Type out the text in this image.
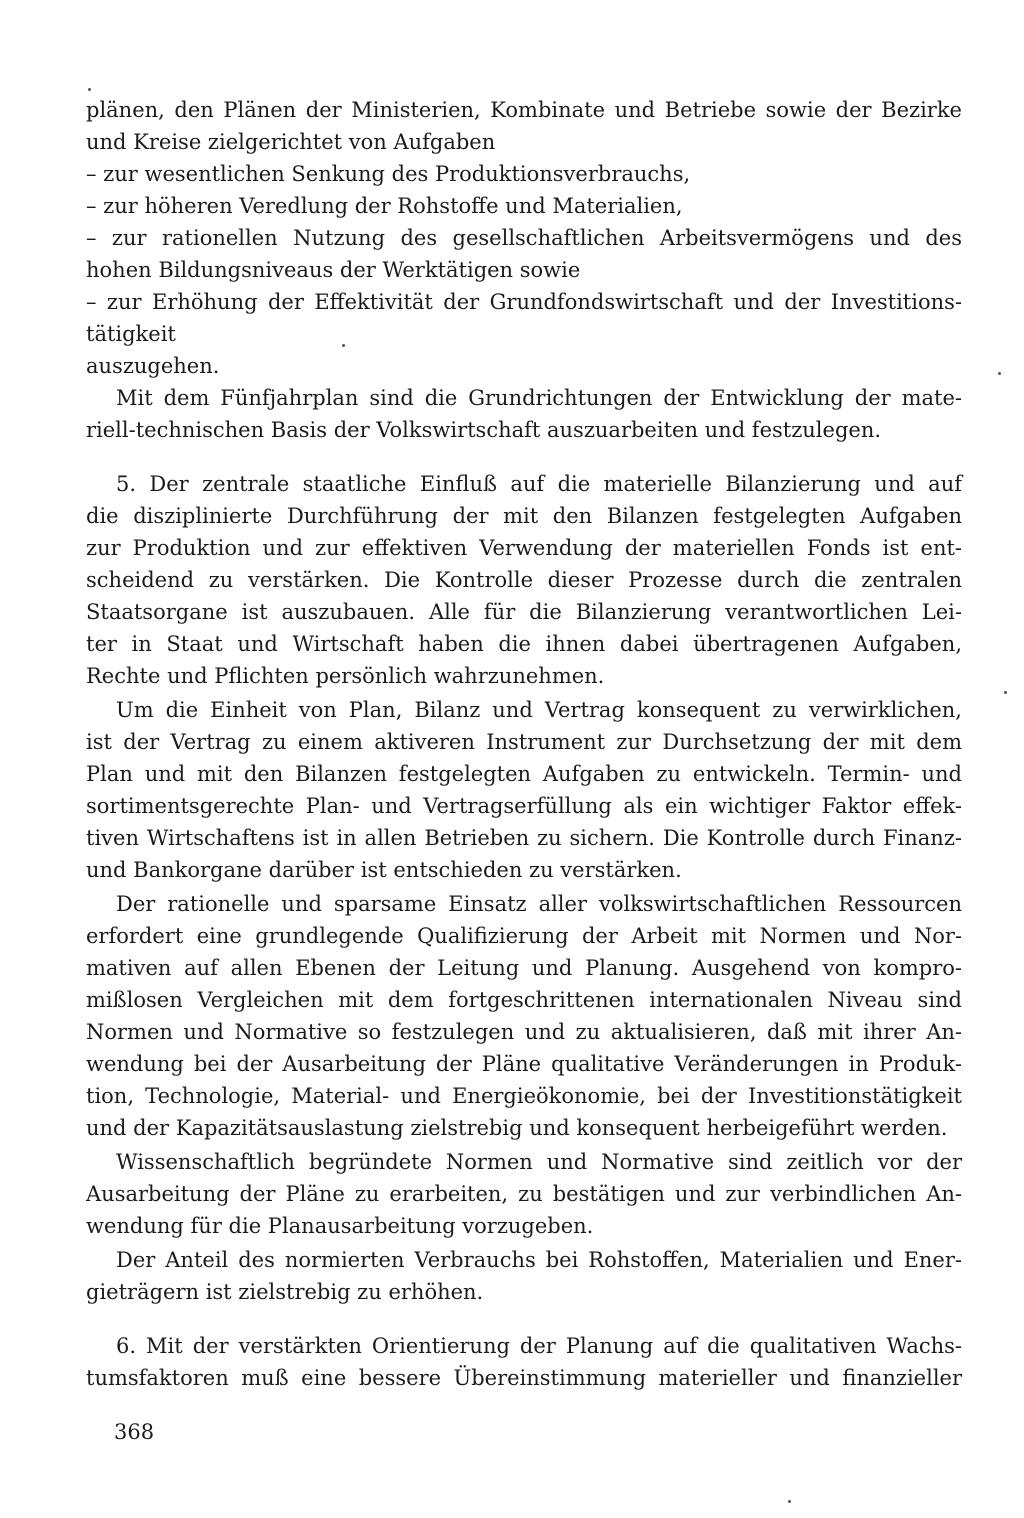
plänen, den Plänen der Ministerien, Kombinate und Betriebe sowie der Bezirke
und Kreise zielgerichtet von Aufgaben
– zur wesentlichen Senkung des Produktionsverbrauchs,
– zur höheren Veredlung der Rohstoffe und Materialien,
– zur rationellen Nutzung des gesellschaftlichen Arbeitsvermögens und des
hohen Bildungsniveaus der Werktätigen sowie
– zur Erhöhung der Effektivität der Grundfondswirtschaft und der Investitions-
tätigkeit
auszugehen.
Mit dem Fünfjahrplan sind die Grundrichtungen der Entwicklung der mate-
riell-technischen Basis der Volkswirtschaft auszuarbeiten und festzulegen.
5. Der zentrale staatliche Einfluß auf die materielle Bilanzierung und auf
die disziplinierte Durchführung der mit den Bilanzen festgelegten Aufgaben
zur Produktion und zur effektiven Verwendung der materiellen Fonds ist ent-
scheidend zu verstärken. Die Kontrolle dieser Prozesse durch die zentralen
Staatsorgane ist auszubauen. Alle für die Bilanzierung verantwortlichen Lei-
ter in Staat und Wirtschaft haben die ihnen dabei übertragenen Aufgaben,
Rechte und Pflichten persönlich wahrzunehmen.
Um die Einheit von Plan, Bilanz und Vertrag konsequent zu verwirklichen,
ist der Vertrag zu einem aktiveren Instrument zur Durchsetzung der mit dem
Plan und mit den Bilanzen festgelegten Aufgaben zu entwickeln. Termin- und
sortimentsgerechte Plan- und Vertragserfüllung als ein wichtiger Faktor effek-
tiven Wirtschaftens ist in allen Betrieben zu sichern. Die Kontrolle durch Finanz-
und Bankorgane darüber ist entschieden zu verstärken.
Der rationelle und sparsame Einsatz aller volkswirtschaftlichen Ressourcen
erfordert eine grundlegende Qualifizierung der Arbeit mit Normen und Nor-
mativen auf allen Ebenen der Leitung und Planung. Ausgehend von kompro-
mißlosen Vergleichen mit dem fortgeschrittenen internationalen Niveau sind
Normen und Normative so festzulegen und zu aktualisieren, daß mit ihrer An-
wendung bei der Ausarbeitung der Pläne qualitative Veränderungen in Produk-
tion, Technologie, Material- und Energieökonomie, bei der Investitionstätigkeit
und der Kapazitätsauslastung zielstrebig und konsequent herbeigeführt werden.
Wissenschaftlich begründete Normen und Normative sind zeitlich vor der
Ausarbeitung der Pläne zu erarbeiten, zu bestätigen und zur verbindlichen An-
wendung für die Planausarbeitung vorzugeben.
Der Anteil des normierten Verbrauchs bei Rohstoffen, Materialien und Ener-
gieträgern ist zielstrebig zu erhöhen.
6. Mit der verstärkten Orientierung der Planung auf die qualitativen Wachs-
tumsfaktoren muß eine bessere Übereinstimmung materieller und finanzieller
368
